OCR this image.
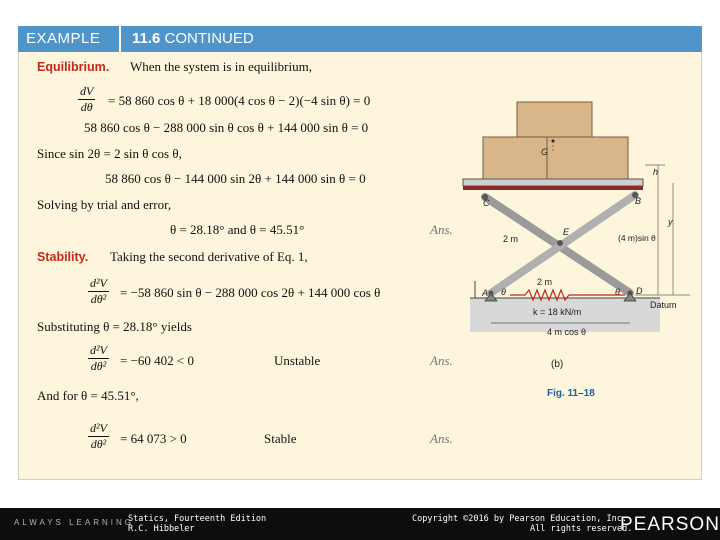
EXAMPLE 11.6 CONTINUED
Equilibrium. When the system is in equilibrium,
$\frac{dV}{d\theta} = 58$ 860 cos θ + 18 000(4 cos θ − 2)(−4 sin θ) = 0
58 860 cos θ − 288 000 sin θ cos θ + 144 000 sin θ = 0
Since sin 2θ = 2 sin θ cos θ,
58 860 cos θ − 144 000 sin 2θ + 144 000 sin θ = 0
Solving by trial and error,
θ = 28.18° and θ = 45.51°	Ans.
Stability. Taking the second derivative of Eq. 1,
$\frac{\text{d²V}}{\text{dθ²}} = -58$ 860 sin θ − 288 000 cos 2θ + 144 000 cos θ
Substituting θ = 28.18° yields
$\frac{\text{d²V}}{\text{dθ²}} = -60$ 402 < 0	Unstable	Ans.
And for θ = 45.51°,
$\frac{\text{d²V}}{\text{dθ²}} = 64$ 073 > 0	Stable	Ans.
G
h
y
C	B
E
2 m	(4 m)sin θ
A θ	θ D
Datum
2 m
k = 18 kN/m
4 m cos θ
(b)
Fig. 11–18
ALWAYS LEARNING
Statics, Fourteenth Edition
R.C. Hibbeler
Copyright ©2016 by Pearson Education, Inc.
All rights reserved.
PEARSON
